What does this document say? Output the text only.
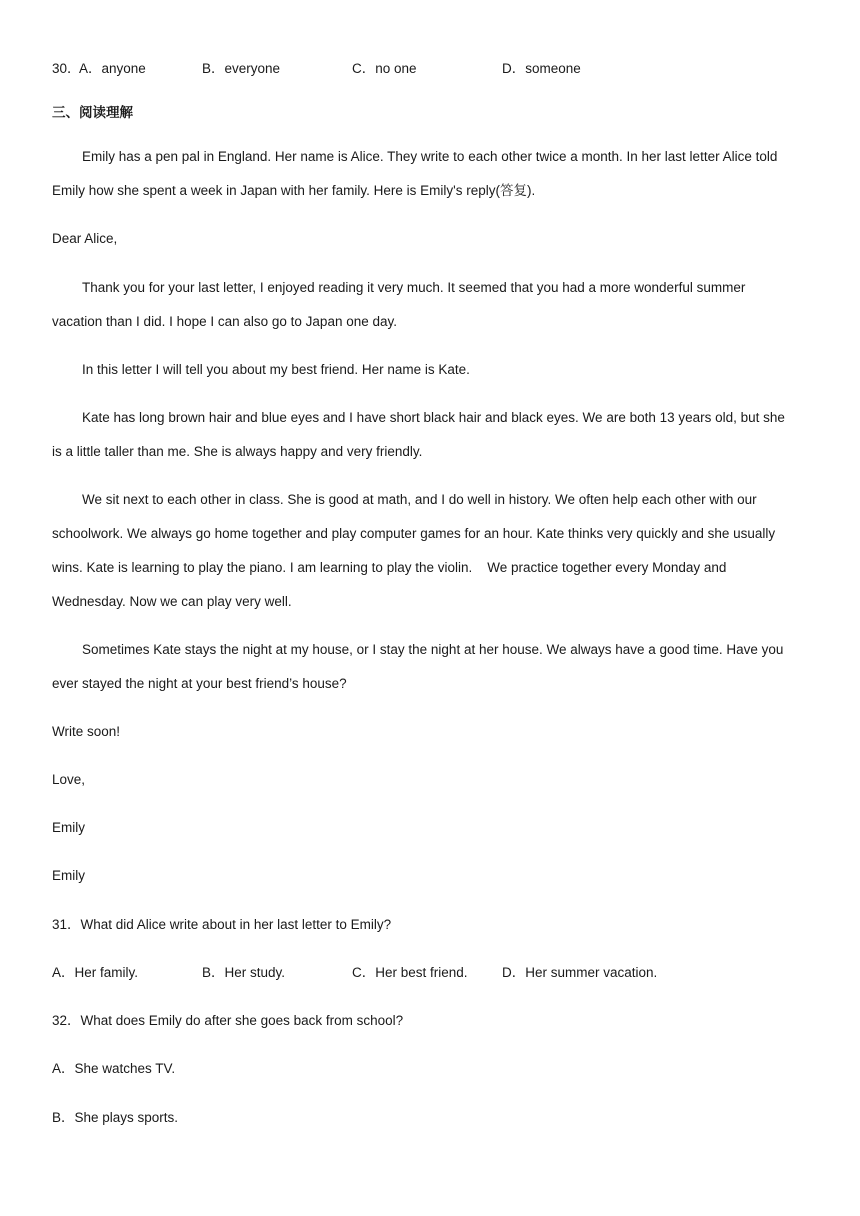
30．
A．anyone	B．everyone	C．no one	D．someone
三、阅读理解
Emily has a pen pal in England. Her name is Alice. They write to each other twice a month. In her last letter Alice told
Emily how she spent a week in Japan with her family. Here is Emily's reply(答复).
Dear Alice,
Thank you for your last letter, I enjoyed reading it very much. It seemed that you had a more wonderful summer
vacation than I did. I hope I can also go to Japan one day.
In this letter I will tell you about my best friend. Her name is Kate.
Kate has long brown hair and blue eyes and I have short black hair and black eyes. We are both 13 years old, but she
is a little taller than me. She is always happy and very friendly.
We sit next to each other in class. She is good at math, and I do well in history. We often help each other with our
schoolwork. We always go home together and play computer games for an hour. Kate thinks very quickly and she usually
wins. Kate is learning to play the piano. I am learning to play the violin.    We practice together every Monday and
Wednesday. Now we can play very well.
Sometimes Kate stays the night at my house, or I stay the night at her house. We always have a good time. Have you
ever stayed the night at your best friend’s house?
Write soon!
Love,
Emily
Emily
31．What did Alice write about in her last letter to Emily?
A．Her family.	B．Her study.	C．Her best friend.	D．Her summer vacation.
32．What does Emily do after she goes back from school?
A．She watches TV.
B．She plays sports.
